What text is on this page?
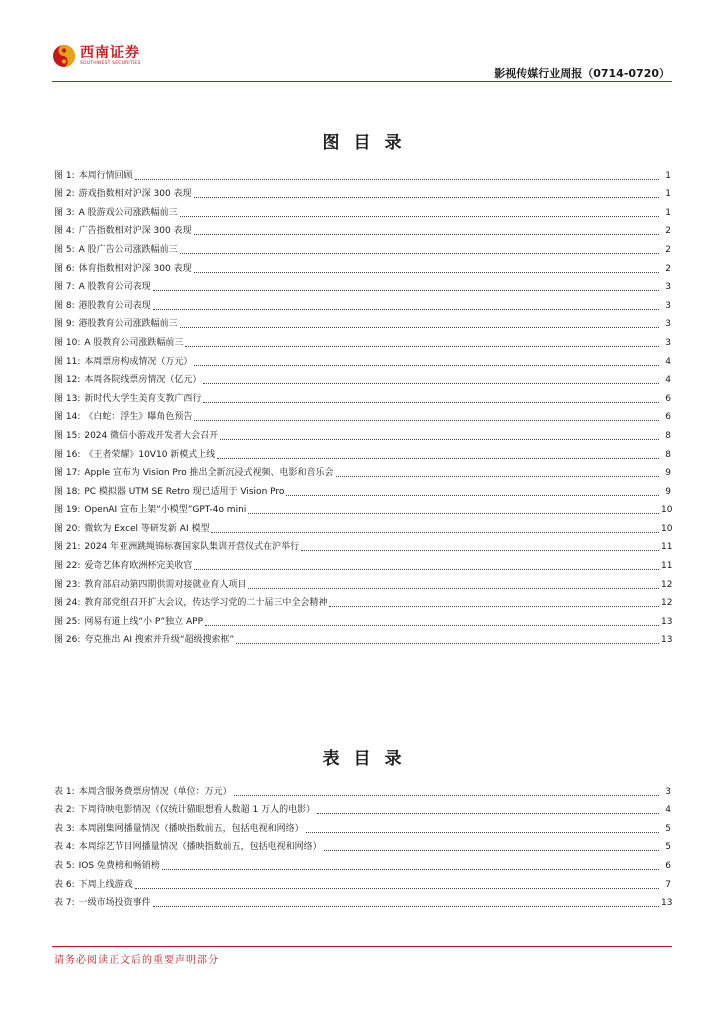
西南证券
SOUTHWEST SECURITIES
影视传媒行业周报（0714-0720）
图目录
图 1: 本周行情回顾	1
图 2: 游戏指数相对沪深 300 表现	1
图 3: A 股游戏公司涨跌幅前三	1
图 4: 广告指数相对沪深 300 表现	2
图 5: A 股广告公司涨跌幅前三	2
图 6: 体育指数相对沪深 300 表现	2
图 7: A 股教育公司表现	3
图 8: 港股教育公司表现	3
图 9: 港股教育公司涨跌幅前三	3
图 10: A 股教育公司涨跌幅前三	3
图 11: 本周票房构成情况（万元）	4
图 12: 本周各院线票房情况（亿元）	4
图 13: 新时代大学生美育支教广西行	6
图 14: 《白蛇：浮生》曝角色预告	6
图 15: 2024 微信小游戏开发者大会召开	8
图 16: 《王者荣耀》10V10 新模式上线	8
图 17: Apple 宣布为 Vision Pro 推出全新沉浸式视频、电影和音乐会	9
图 18: PC 模拟器 UTM SE Retro 现已适用于 Vision Pro	9
图 19: OpenAI 宣布上架“小模型”GPT-4o mini	10
图 20: 微软为 Excel 等研发新 AI 模型	10
图 21: 2024 年亚洲跳绳锦标赛国家队集训开营仪式在沪举行	11
图 22: 爱奇艺体育欧洲杯完美收官	11
图 23: 教育部启动第四期供需对接就业育人项目	12
图 24: 教育部党组召开扩大会议，传达学习党的二十届三中全会精神	12
图 25: 网易有道上线“小 P”独立 APP	13
图 26: 夸克推出 AI 搜索并升级“超级搜索框”	13
表目录
表 1: 本周含服务费票房情况（单位：万元）	3
表 2: 下周待映电影情况（仅统计猫眼想看人数超 1 万人的电影）	4
表 3: 本周剧集网播量情况（播映指数前五，包括电视和网络）	5
表 4: 本周综艺节目网播量情况（播映指数前五，包括电视和网络）	5
表 5: IOS 免费榜和畅销榜	6
表 6: 下周上线游戏	7
表 7: 一级市场投资事件	13
请务必阅读正文后的重要声明部分
